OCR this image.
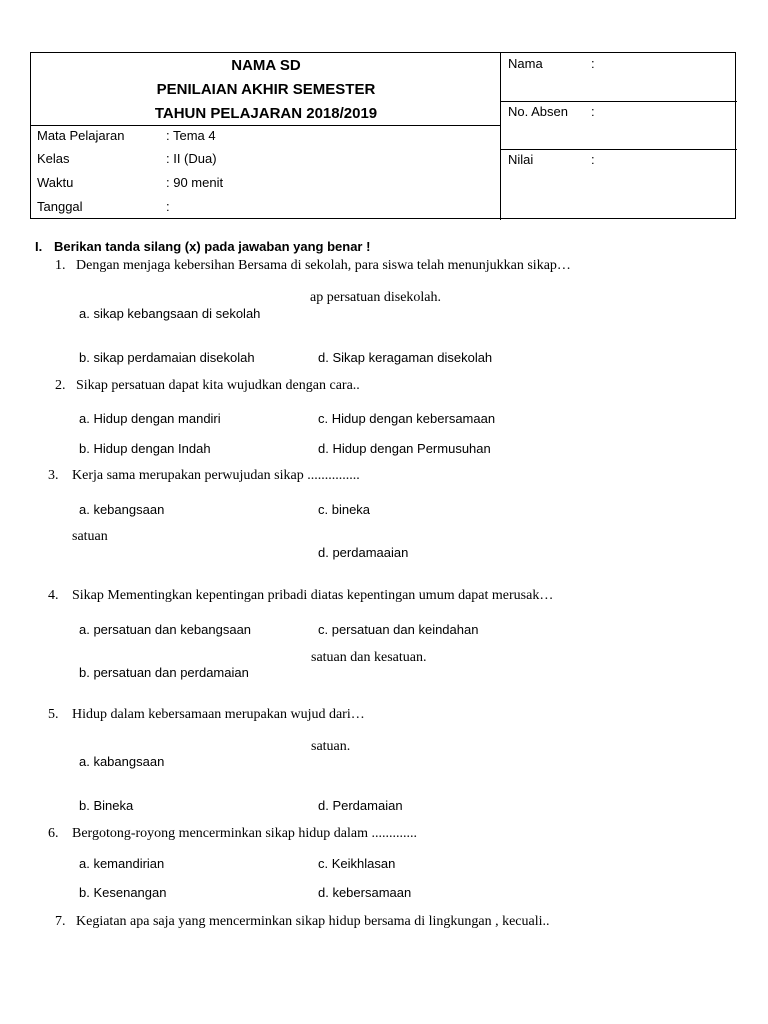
NAMA SD
PENILAIAN AKHIR SEMESTER
TAHUN PELAJARAN 2018/2019
Mata Pelajaran	: Tema 4
Kelas	: II (Dua)
Waktu	: 90 menit
Tanggal	:
Nama	:
No. Absen :
Nilai	:
I. Berikan tanda silang (x) pada jawaban yang benar !
1. Dengan menjaga kebersihan Bersama di sekolah, para siswa telah menunjukkan sikap…
ap persatuan disekolah.
a. sikap kebangsaan di sekolah
b. sikap perdamaian disekolah	d. Sikap keragaman disekolah
2. Sikap persatuan dapat kita wujudkan dengan cara..
a. Hidup dengan mandiri	c. Hidup dengan kebersamaan
b. Hidup dengan Indah	d. Hidup dengan Permusuhan
3. Kerja sama merupakan perwujudan sikap ...............
a. kebangsaan	c. bineka
satuan
d. perdamaaian
4. Sikap Mementingkan kepentingan pribadi diatas kepentingan umum dapat merusak…
a. persatuan dan kebangsaan	c. persatuan dan keindahan
satuan dan kesatuan.
b. persatuan dan perdamaian
5. Hidup dalam kebersamaan merupakan wujud dari…
satuan.
a. kabangsaan
b. Bineka	d. Perdamaian
6. Bergotong-royong mencerminkan sikap hidup dalam .............
a. kemandirian	c. Keikhlasan
b. Kesenangan	d. kebersamaan
7. Kegiatan apa saja yang mencerminkan sikap hidup bersama di lingkungan , kecuali..
